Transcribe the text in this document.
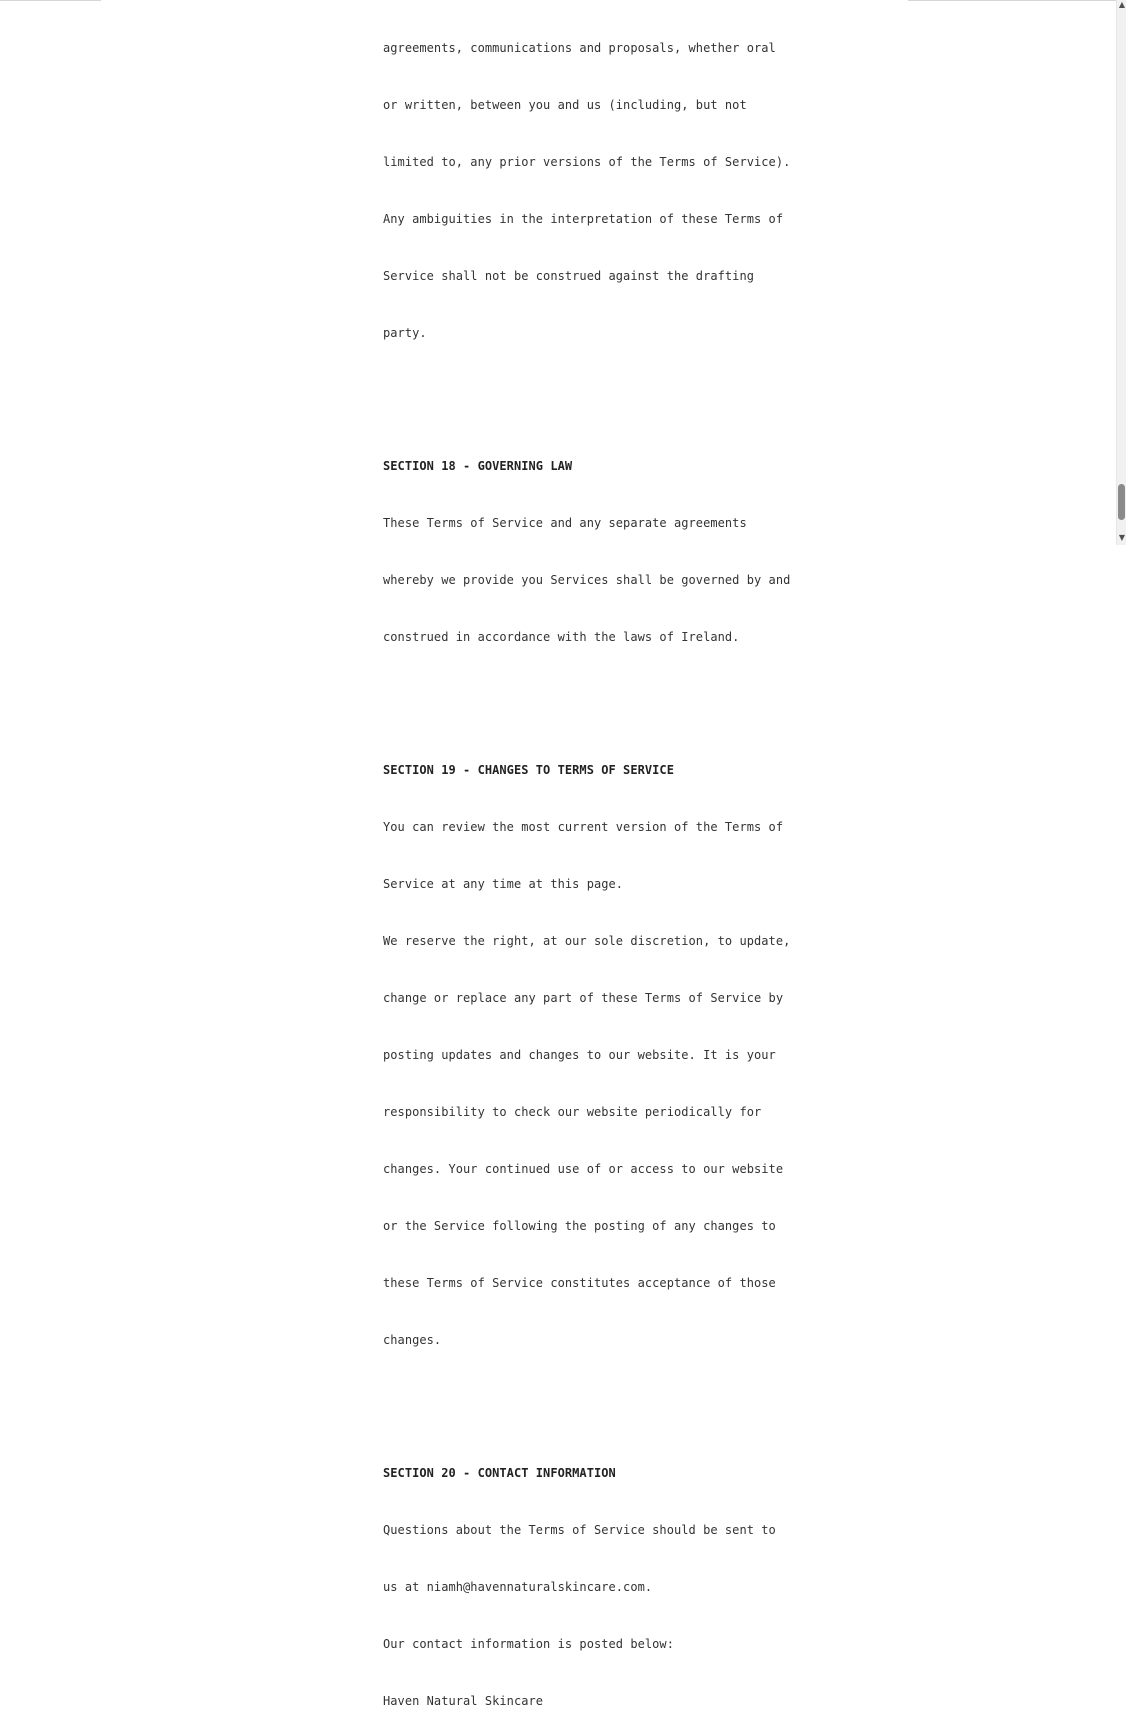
agreements, communications and proposals, whether oral

or written, between you and us (including, but not

limited to, any prior versions of the Terms of Service).

Any ambiguities in the interpretation of these Terms of

Service shall not be construed against the drafting

party.

SECTION 18 - GOVERNING LAW

These Terms of Service and any separate agreements

whereby we provide you Services shall be governed by and

construed in accordance with the laws of Ireland.

SECTION 19 - CHANGES TO TERMS OF SERVICE

You can review the most current version of the Terms of

Service at any time at this page.

We reserve the right, at our sole discretion, to update,

change or replace any part of these Terms of Service by

posting updates and changes to our website. It is your

responsibility to check our website periodically for

changes. Your continued use of or access to our website

or the Service following the posting of any changes to

these Terms of Service constitutes acceptance of those

changes.

SECTION 20 - CONTACT INFORMATION

Questions about the Terms of Service should be sent to

us at niamh@havennaturalskincare.com.

Our contact information is posted below:

Haven Natural Skincare

▲
▼
